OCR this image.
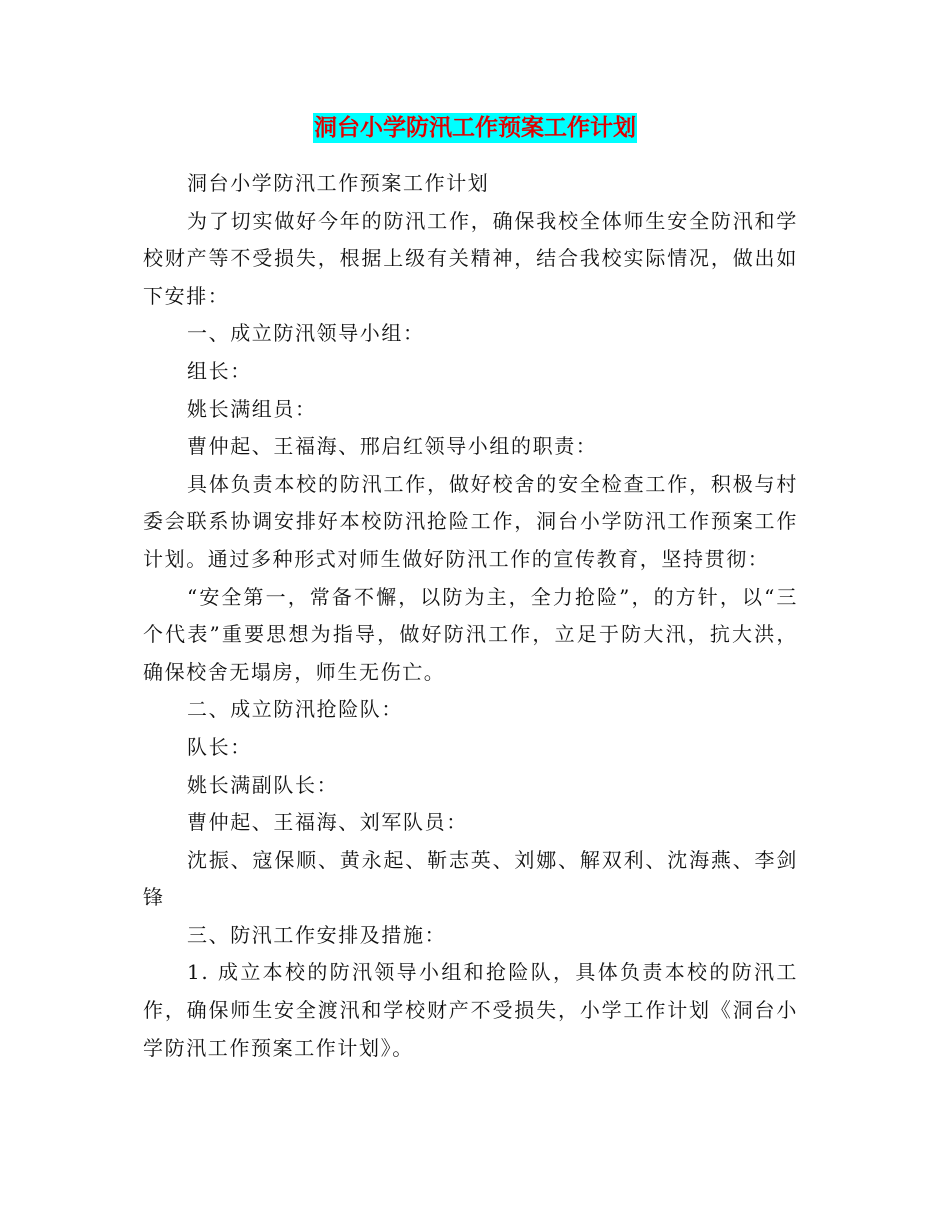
洞台小学防汛工作预案工作计划

洞台小学防汛工作预案工作计划

为了切实做好今年的防汛工作，确保我校全体师生安全防汛和学校财产等不受损失，根据上级有关精神，结合我校实际情况，做出如下安排：

一、成立防汛领导小组：

组长：

姚长满组员：

曹仲起、王福海、邢启红领导小组的职责：

具体负责本校的防汛工作，做好校舍的安全检查工作，积极与村委会联系协调安排好本校防汛抢险工作，洞台小学防汛工作预案工作计划。通过多种形式对师生做好防汛工作的宣传教育，坚持贯彻：

“安全第一，常备不懈，以防为主，全力抢险”，的方针，以“三个代表”重要思想为指导，做好防汛工作，立足于防大汛，抗大洪，确保校舍无塌房，师生无伤亡。

二、成立防汛抢险队：

队长：

姚长满副队长：

曹仲起、王福海、刘军队员：

沈振、寇保顺、黄永起、靳志英、刘娜、解双利、沈海燕、李剑锋

三、防汛工作安排及措施：

1. 成立本校的防汛领导小组和抢险队，具体负责本校的防汛工作，确保师生安全渡汛和学校财产不受损失，小学工作计划《洞台小学防汛工作预案工作计划》。
